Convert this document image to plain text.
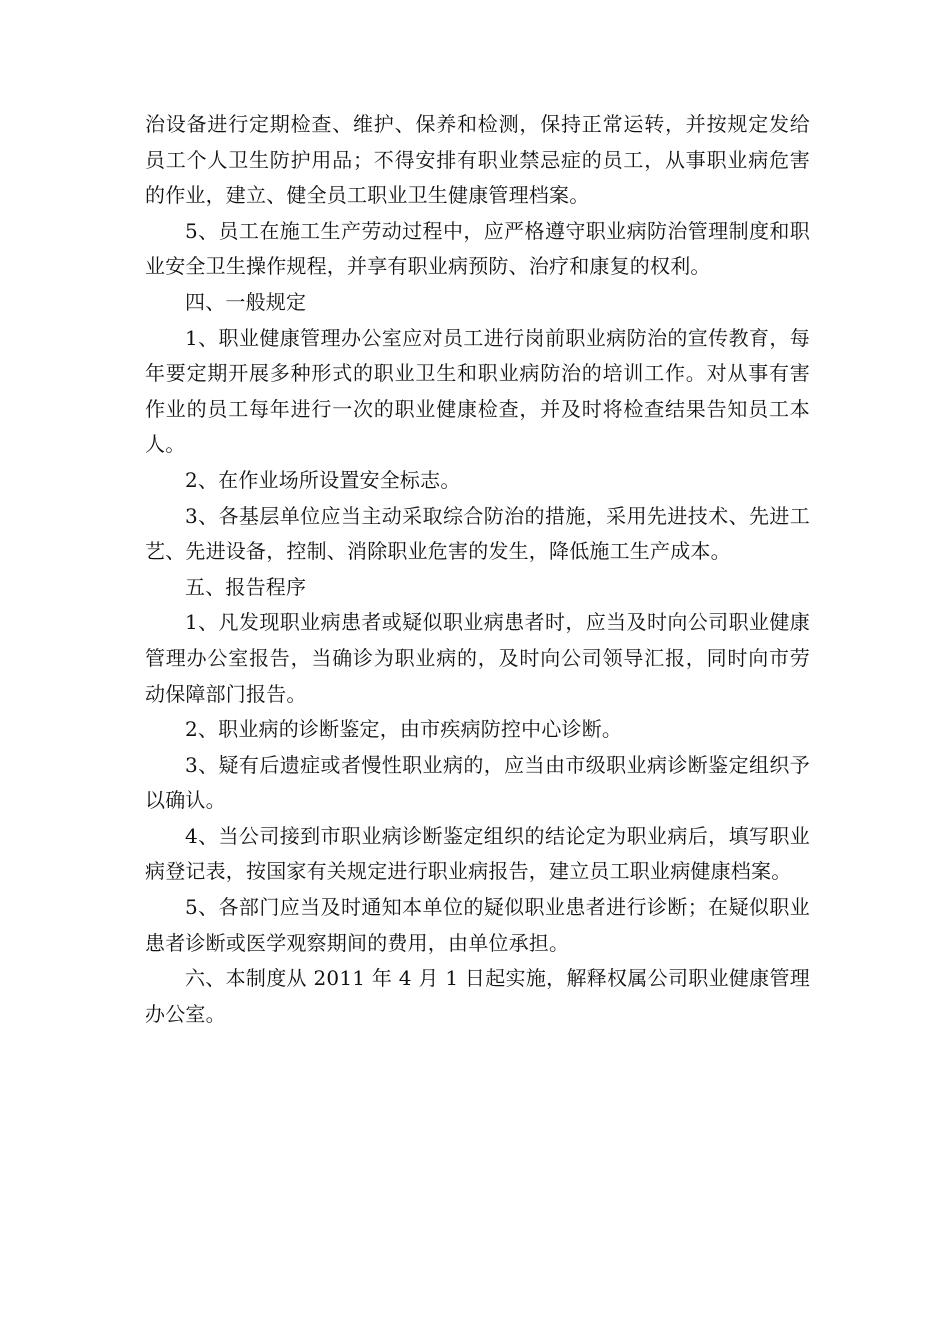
治设备进行定期检查、维护、保养和检测，保持正常运转，并按规定发给员工个人卫生防护用品；不得安排有职业禁忌症的员工，从事职业病危害的作业，建立、健全员工职业卫生健康管理档案。

5、员工在施工生产劳动过程中，应严格遵守职业病防治管理制度和职业安全卫生操作规程，并享有职业病预防、治疗和康复的权利。

四、一般规定

1、职业健康管理办公室应对员工进行岗前职业病防治的宣传教育，每年要定期开展多种形式的职业卫生和职业病防治的培训工作。对从事有害作业的员工每年进行一次的职业健康检查，并及时将检查结果告知员工本人。

2、在作业场所设置安全标志。

3、各基层单位应当主动采取综合防治的措施，采用先进技术、先进工艺、先进设备，控制、消除职业危害的发生，降低施工生产成本。

五、报告程序

1、凡发现职业病患者或疑似职业病患者时，应当及时向公司职业健康管理办公室报告，当确诊为职业病的，及时向公司领导汇报，同时向市劳动保障部门报告。

2、职业病的诊断鉴定，由市疾病防控中心诊断。

3、疑有后遗症或者慢性职业病的，应当由市级职业病诊断鉴定组织予以确认。

4、当公司接到市职业病诊断鉴定组织的结论定为职业病后，填写职业病登记表，按国家有关规定进行职业病报告，建立员工职业病健康档案。

5、各部门应当及时通知本单位的疑似职业患者进行诊断；在疑似职业患者诊断或医学观察期间的费用，由单位承担。

六、本制度从 2011 年 4 月 1 日起实施，解释权属公司职业健康管理办公室。
